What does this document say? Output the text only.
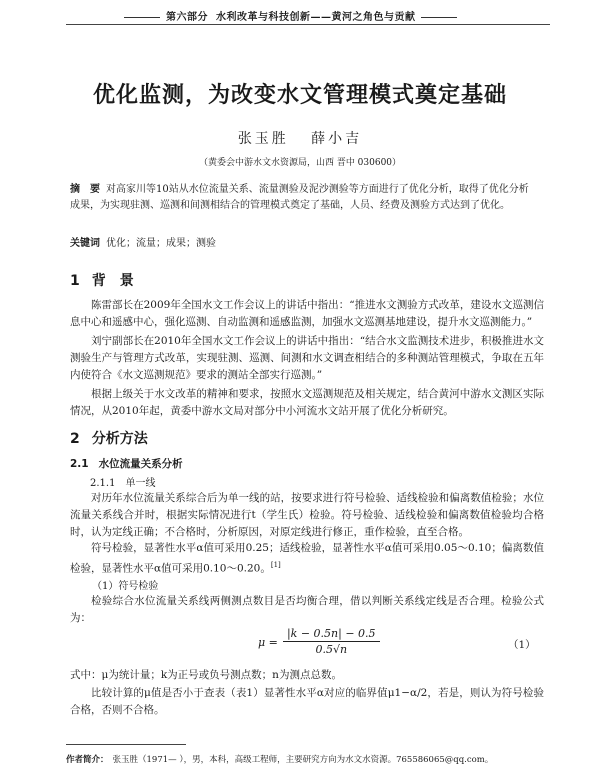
第六部分 水利改革与科技创新——黄河之角色与贡献
优化监测，为改变水文管理模式奠定基础
张玉胜 薛小吉
（黄委会中游水文水资源局，山西 晋中 030600）
摘　要 对高家川等10站从水位流量关系、流量测验及泥沙测验等方面进行了优化分析，取得了优化分析成果，为实现驻测、巡测和间测相结合的管理模式奠定了基础，人员、经费及测验方式达到了优化。
关键词 优化；流量；成果；测验
1 背　景
陈雷部长在2009年全国水文工作会议上的讲话中指出：“推进水文测验方式改革，建设水文巡测信息中心和遥感中心，强化巡测、自动监测和遥感监测，加强水文巡测基地建设，提升水文巡测能力。”
刘宁副部长在2010年全国水文工作会议上的讲话中指出：“结合水文监测技术进步，积极推进水文测验生产与管理方式改革，实现驻测、巡测、间测和水文调查相结合的多种测站管理模式，争取在五年内使符合《水文巡测规范》要求的测站全部实行巡测。”
根据上级关于水文改革的精神和要求，按照水文巡测规范及相关规定，结合黄河中游水文测区实际情况，从2010年起，黄委中游水文局对部分中小河流水文站开展了优化分析研究。
2 分析方法
2.1 水位流量关系分析
2.1.1 单一线
对历年水位流量关系综合后为单一线的站，按要求进行符号检验、适线检验和偏离数值检验；水位流量关系线合并时，根据实际情况进行t（学生氏）检验。符号检验、适线检验和偏离数值检验均合格时，认为定线正确；不合格时，分析原因，对原定线进行修正，重作检验，直至合格。
符号检验，显著性水平α值可采用0.25；适线检验，显著性水平α值可采用0.05～0.10；偏离数值检验，显著性水平α值可采用0.10～0.20。[1]
（1）符号检验
检验综合水位流量关系线两侧测点数目是否均衡合理，借以判断关系线定线是否合理。检验公式为：
$\mu = \frac{|k - 0.5n| - 0.5}{0.5√n}$	（1）
式中：μ为统计量；k为正号或负号测点数；n为测点总数。
比较计算的μ值是否小于查表（表1）显著性水平α对应的临界值μ1−α/2，若是，则认为符号检验合格，否则不合格。
作者简介： 张玉胜（1971— ），男，本科，高级工程师，主要研究方向为水文水资源。765586065@qq.com。
